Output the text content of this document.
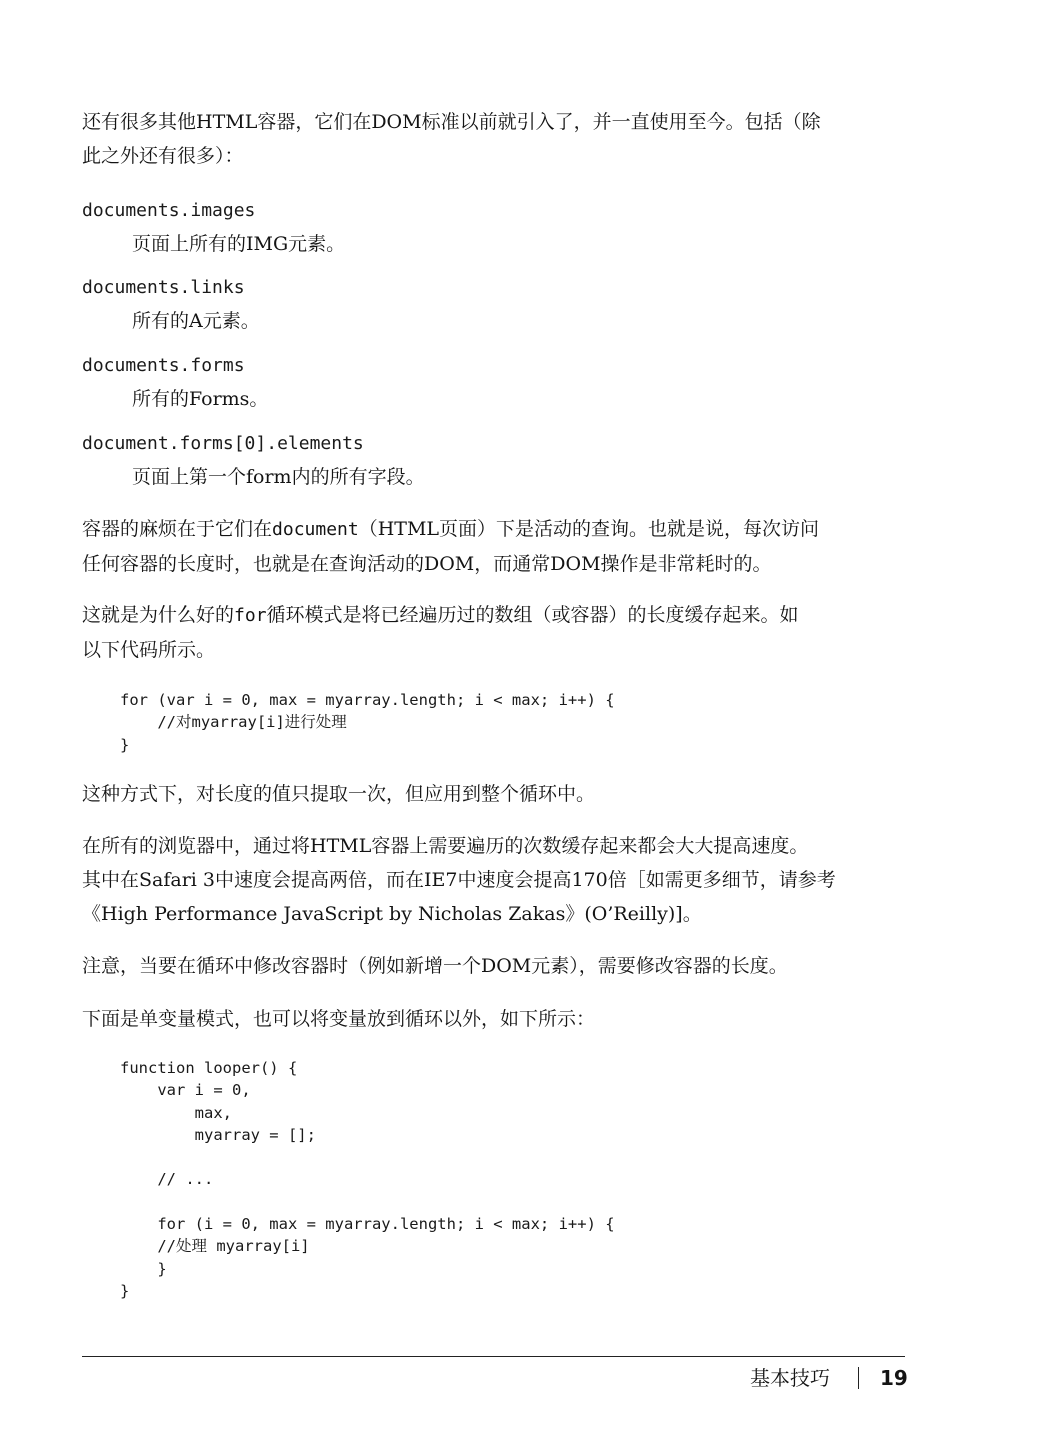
还有很多其他HTML容器，它们在DOM标准以前就引入了，并一直使用至今。包括（除
此之外还有很多）：

documents.images
页面上所有的IMG元素。
documents.links
所有的A元素。
documents.forms
所有的Forms。
document.forms[0].elements
页面上第一个form内的所有字段。

容器的麻烦在于它们在document（HTML页面）下是活动的查询。也就是说，每次访问
任何容器的长度时，也就是在查询活动的DOM，而通常DOM操作是非常耗时的。

这就是为什么好的for循环模式是将已经遍历过的数组（或容器）的长度缓存起来。如
以下代码所示。

for (var i = 0, max = myarray.length; i < max; i++) {
//对myarray[i]进行处理
}

这种方式下，对长度的值只提取一次，但应用到整个循环中。

在所有的浏览器中，通过将HTML容器上需要遍历的次数缓存起来都会大大提高速度。
其中在Safari 3中速度会提高两倍，而在IE7中速度会提高170倍［如需更多细节，请参考
《High Performance JavaScript by Nicholas Zakas》(O’Reilly)]。

注意，当要在循环中修改容器时（例如新增一个DOM元素），需要修改容器的长度。

下面是单变量模式，也可以将变量放到循环以外，如下所示：

function looper() {
var i = 0,
max,
myarray = [];

// ...

for (i = 0, max = myarray.length; i < max; i++) {
//处理 myarray[i]
}
}
基本技巧	19
